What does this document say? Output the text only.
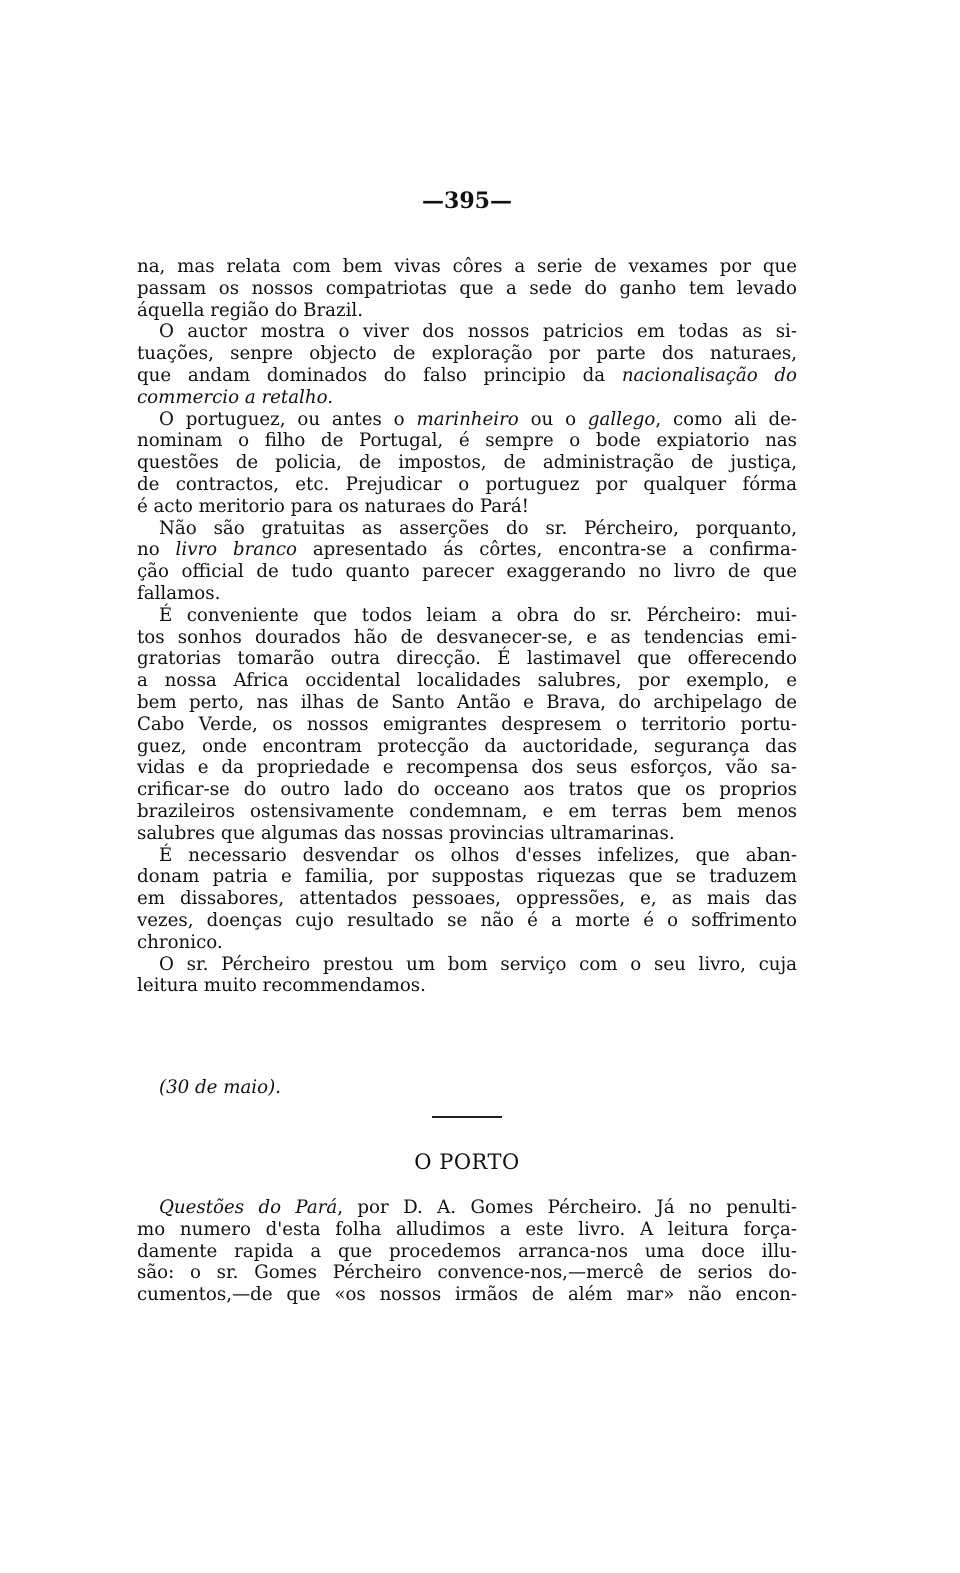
—395—
na, mas relata com bem vivas côres a serie de vexames por que
passam os nossos compatriotas que a sede do ganho tem levado
áquella região do Brazil.
O auctor mostra o viver dos nossos patricios em todas as si-
tuações, senpre objecto de exploração por parte dos naturaes,
que andam dominados do falso principio da nacionalisação do
commercio a retalho.
O portuguez, ou antes o marinheiro ou o gallego, como ali de-
nominam o filho de Portugal, é sempre o bode expiatorio nas
questões de policia, de impostos, de administração de justiça,
de contractos, etc. Prejudicar o portuguez por qualquer fórma
é acto meritorio para os naturaes do Pará!
Não são gratuitas as asserções do sr. Pércheiro, porquanto,
no livro branco apresentado ás côrtes, encontra-se a confirma-
ção official de tudo quanto parecer exaggerando no livro de que
fallamos.
É conveniente que todos leiam a obra do sr. Pércheiro: mui-
tos sonhos dourados hão de desvanecer-se, e as tendencias emi-
gratorias tomarão outra direcção. É lastimavel que offerecendo
a nossa Africa occidental localidades salubres, por exemplo, e
bem perto, nas ilhas de Santo Antão e Brava, do archipelago de
Cabo Verde, os nossos emigrantes despresem o territorio portu-
guez, onde encontram protecção da auctoridade, segurança das
vidas e da propriedade e recompensa dos seus esforços, vão sa-
crificar-se do outro lado do occeano aos tratos que os proprios
brazileiros ostensivamente condemnam, e em terras bem menos
salubres que algumas das nossas provincias ultramarinas.
É necessario desvendar os olhos d'esses infelizes, que aban-
donam patria e familia, por suppostas riquezas que se traduzem
em dissabores, attentados pessoaes, oppressões, e, as mais das
vezes, doenças cujo resultado se não é a morte é o soffrimento
chronico.
O sr. Pércheiro prestou um bom serviço com o seu livro, cuja
leitura muito recommendamos.
(30 de maio).
O PORTO
Questões do Pará, por D. A. Gomes Pércheiro. Já no penulti-
mo numero d'esta folha alludimos a este livro. A leitura força-
damente rapida a que procedemos arranca-nos uma doce illu-
são: o sr. Gomes Pércheiro convence-nos,—mercê de serios do-
cumentos,—de que «os nossos irmãos de além mar» não encon-
